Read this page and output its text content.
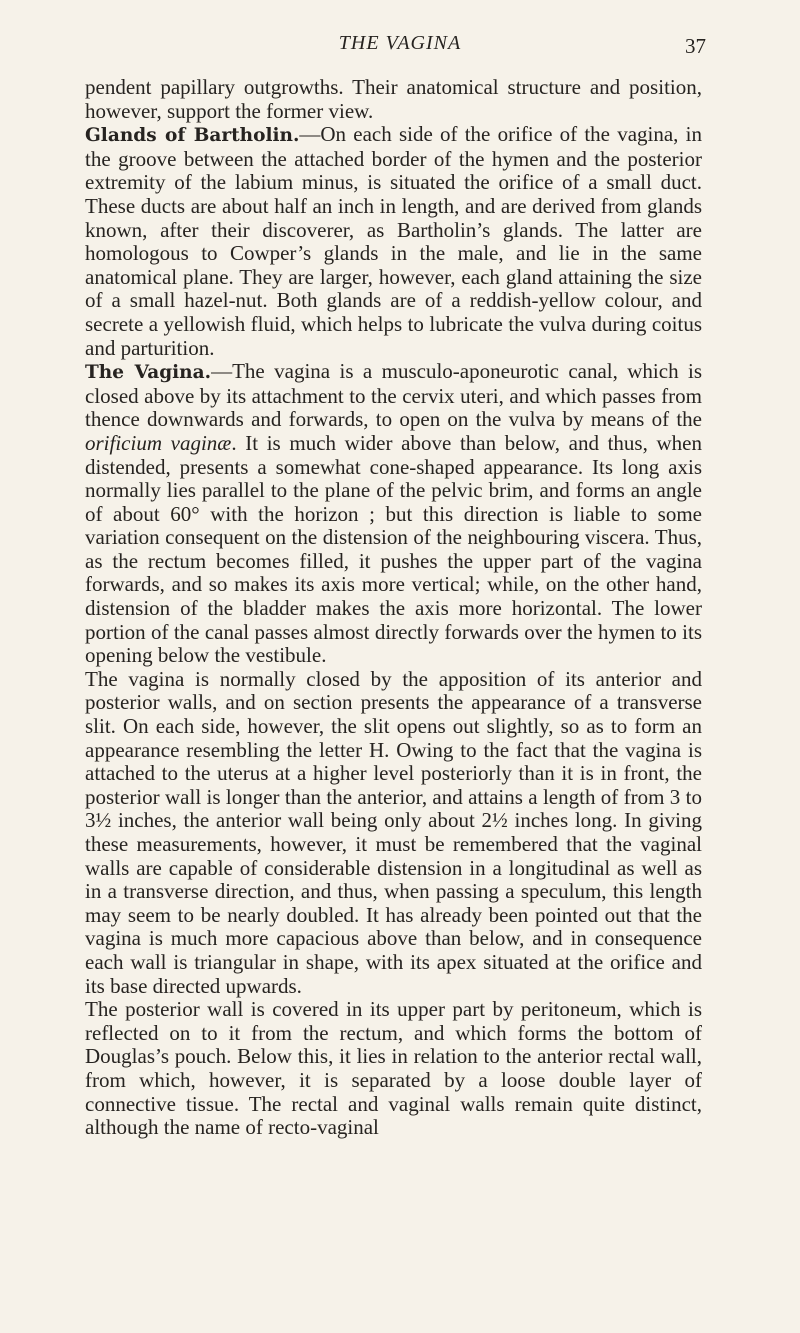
THE VAGINA	37

pendent papillary outgrowths. Their anatomical structure and position, however, support the former view.

Glands of Bartholin.—On each side of the orifice of the vagina, in the groove between the attached border of the hymen and the posterior extremity of the labium minus, is situated the orifice of a small duct. These ducts are about half an inch in length, and are derived from glands known, after their discoverer, as Bartholin’s glands. The latter are homologous to Cowper’s glands in the male, and lie in the same anatomical plane. They are larger, however, each gland attaining the size of a small hazel-nut. Both glands are of a reddish-yellow colour, and secrete a yellowish fluid, which helps to lubricate the vulva during coitus and parturition.

The Vagina.—The vagina is a musculo-aponeurotic canal, which is closed above by its attachment to the cervix uteri, and which passes from thence downwards and forwards, to open on the vulva by means of the orificium vaginæ. It is much wider above than below, and thus, when distended, presents a somewhat cone-shaped appearance. Its long axis normally lies parallel to the plane of the pelvic brim, and forms an angle of about 60° with the horizon ; but this direction is liable to some variation consequent on the distension of the neighbouring viscera. Thus, as the rectum becomes filled, it pushes the upper part of the vagina forwards, and so makes its axis more vertical; while, on the other hand, distension of the bladder makes the axis more horizontal. The lower portion of the canal passes almost directly forwards over the hymen to its opening below the vestibule.

The vagina is normally closed by the apposition of its anterior and posterior walls, and on section presents the appearance of a transverse slit. On each side, however, the slit opens out slightly, so as to form an appearance resembling the letter H. Owing to the fact that the vagina is attached to the uterus at a higher level posteriorly than it is in front, the posterior wall is longer than the anterior, and attains a length of from 3 to 3½ inches, the anterior wall being only about 2½ inches long. In giving these measurements, however, it must be remembered that the vaginal walls are capable of considerable distension in a longitudinal as well as in a transverse direction, and thus, when passing a speculum, this length may seem to be nearly doubled. It has already been pointed out that the vagina is much more capacious above than below, and in consequence each wall is triangular in shape, with its apex situated at the orifice and its base directed upwards.

The posterior wall is covered in its upper part by peritoneum, which is reflected on to it from the rectum, and which forms the bottom of Douglas’s pouch. Below this, it lies in relation to the anterior rectal wall, from which, however, it is separated by a loose double layer of connective tissue. The rectal and vaginal walls remain quite distinct, although the name of recto-vaginal
